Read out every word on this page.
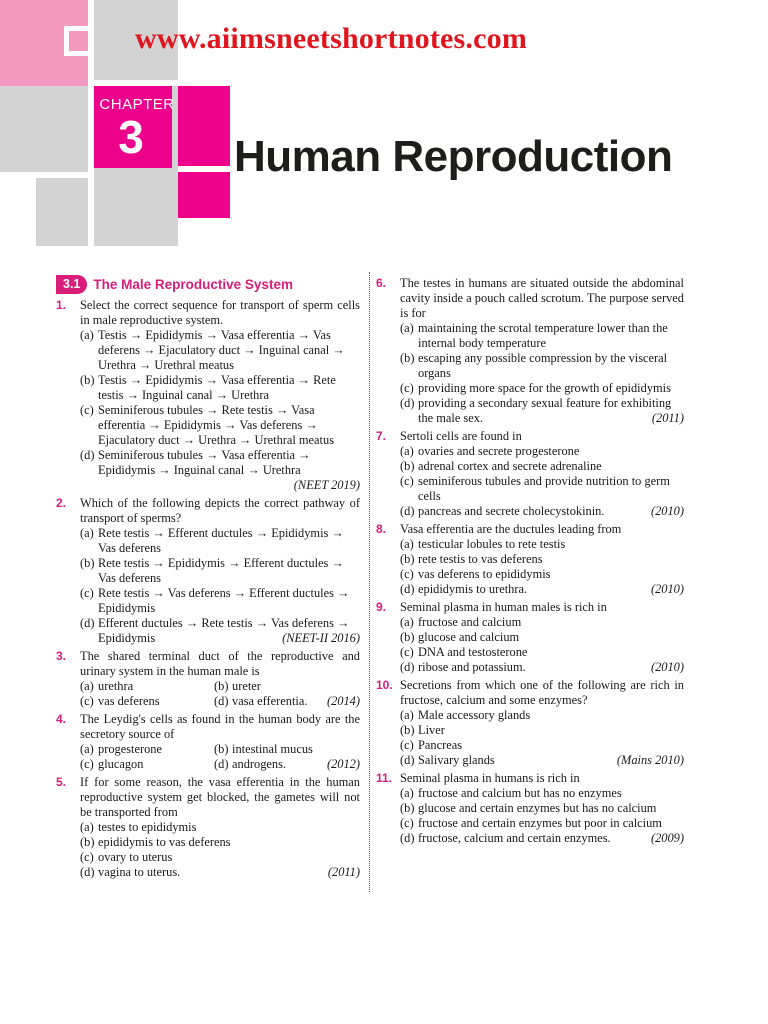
www.aiimsneetshortnotes.com
CHAPTER
3	Human Reproduction
3.1 The Male Reproductive System
1.	Select the correct sequence for transport of sperm cells in male reproductive system.
(a) Testis → Epididymis → Vasa efferentia → Vas deferens → Ejaculatory duct → Inguinal canal → Urethra → Urethral meatus
(b) Testis → Epididymis → Vasa efferentia → Rete testis → Inguinal canal → Urethra
(c) Seminiferous tubules → Rete testis → Vasa efferentia → Epididymis → Vas deferens → Ejaculatory duct → Urethra → Urethral meatus
(d) Seminiferous tubules → Vasa efferentia → Epididymis → Inguinal canal → Urethra
(NEET 2019)
2.	Which of the following depicts the correct pathway of transport of sperms?
(a) Rete testis → Efferent ductules → Epididymis → Vas deferens
(b) Rete testis → Epididymis → Efferent ductules → Vas deferens
(c) Rete testis → Vas deferens → Efferent ductules → Epididymis
(d) Efferent ductules → Rete testis → Vas deferens → Epididymis	(NEET-II 2016)
3.	The shared terminal duct of the reproductive and urinary system in the human male is
(a) urethra	(b) ureter
(c) vas deferens	(d) vasa efferentia. (2014)
4.	The Leydig's cells as found in the human body are the secretory source of
(a) progesterone	(b) intestinal mucus
(c) glucagon	(d) androgens.	(2012)
5.	If for some reason, the vasa efferentia in the human reproductive system get blocked, the gametes will not be transported from
(a) testes to epididymis
(b) epididymis to vas deferens
(c) ovary to uterus
(d) vagina to uterus.	(2011)
6.	The testes in humans are situated outside the abdominal cavity inside a pouch called scrotum. The purpose served is for
(a) maintaining the scrotal temperature lower than the internal body temperature
(b) escaping any possible compression by the visceral organs
(c) providing more space for the growth of epididymis
(d) providing a secondary sexual feature for exhibiting the male sex.	(2011)
7.	Sertoli cells are found in
(a) ovaries and secrete progesterone
(b) adrenal cortex and secrete adrenaline
(c) seminiferous tubules and provide nutrition to germ cells
(d) pancreas and secrete cholecystokinin.	(2010)
8.	Vasa efferentia are the ductules leading from
(a) testicular lobules to rete testis
(b) rete testis to vas deferens
(c) vas deferens to epididymis
(d) epididymis to urethra.	(2010)
9.	Seminal plasma in human males is rich in
(a) fructose and calcium
(b) glucose and calcium
(c) DNA and testosterone
(d) ribose and potassium.	(2010)
10. Secretions from which one of the following are rich in fructose, calcium and some enzymes?
(a) Male accessory glands
(b) Liver
(c) Pancreas
(d) Salivary glands	(Mains 2010)
11. Seminal plasma in humans is rich in
(a) fructose and calcium but has no enzymes
(b) glucose and certain enzymes but has no calcium
(c) fructose and certain enzymes but poor in calcium
(d) fructose, calcium and certain enzymes.	(2009)
